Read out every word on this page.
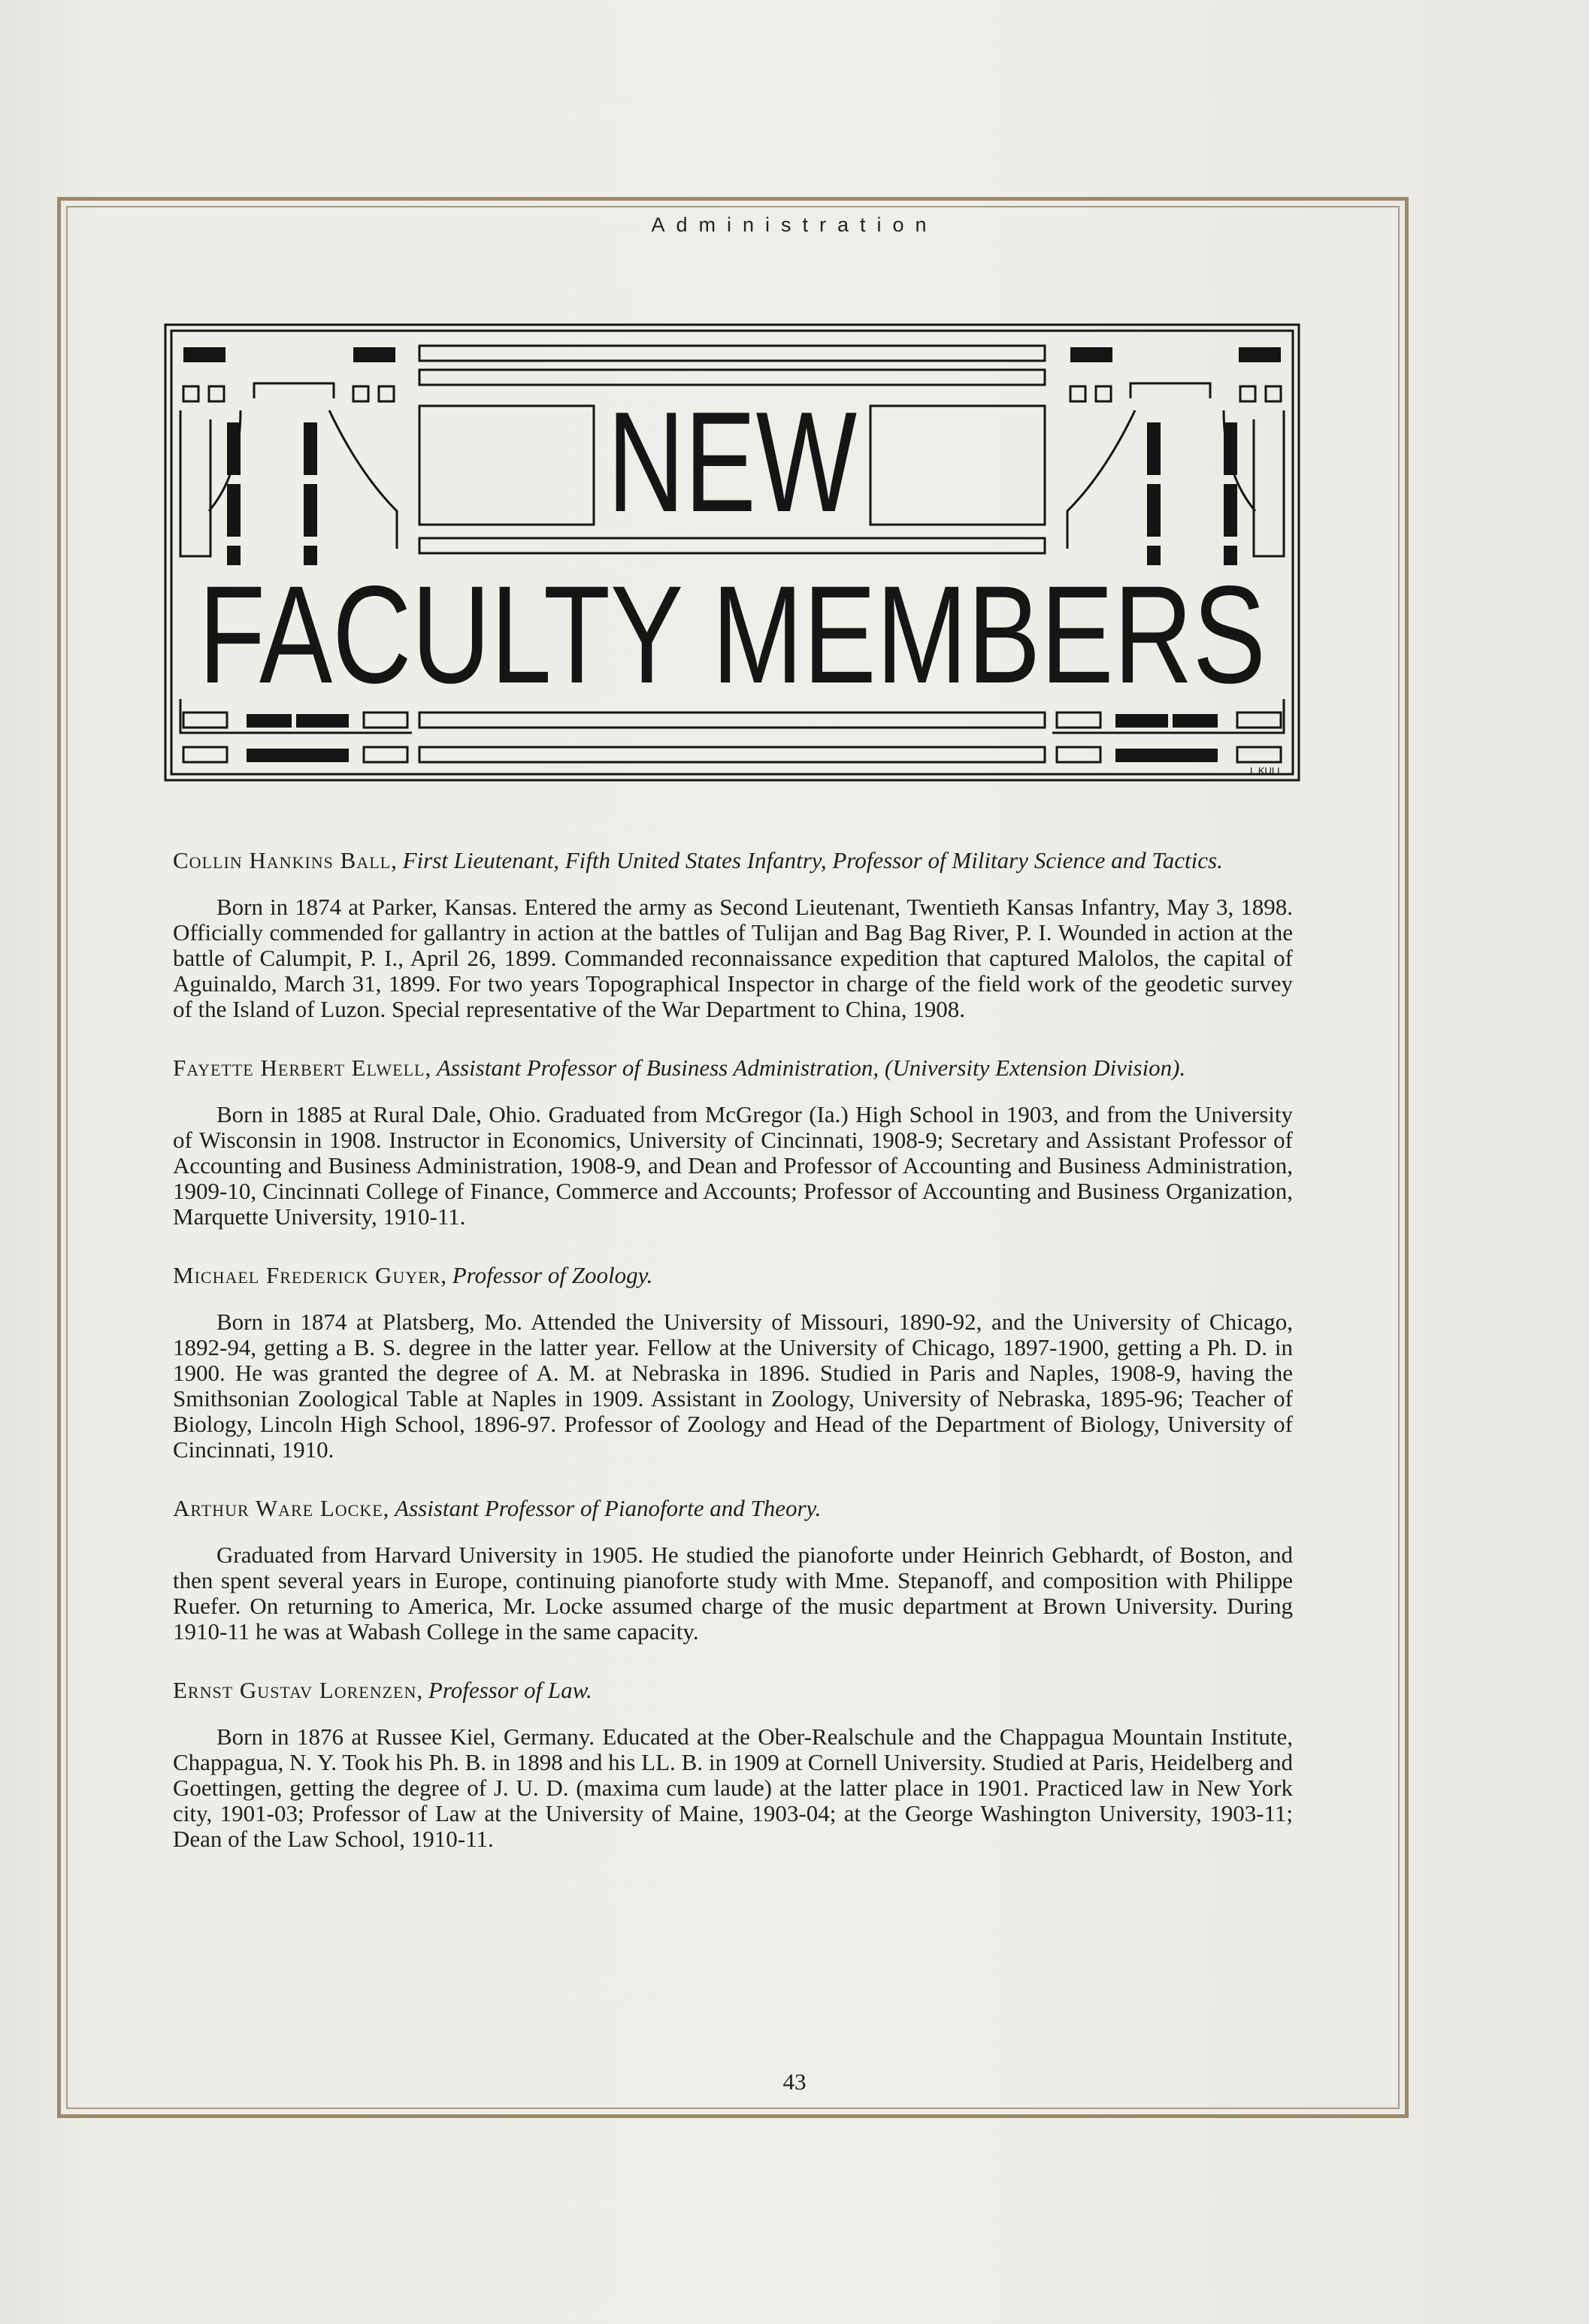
Administration
NEW
FACULTY MEMBERS
L.KULL.

Collin Hankins Ball, First Lieutenant, Fifth United States Infantry, Professor of Military Science and Tactics.

Born in 1874 at Parker, Kansas. Entered the army as Second Lieutenant, Twentieth Kansas Infantry, May 3, 1898. Officially commended for gallantry in action at the battles of Tulijan and Bag Bag River, P. I. Wounded in action at the battle of Calumpit, P. I., April 26, 1899. Commanded reconnaissance expedition that captured Malolos, the capital of Aguinaldo, March 31, 1899. For two years Topographical Inspector in charge of the field work of the geodetic survey of the Island of Luzon. Special representative of the War Department to China, 1908.

Fayette Herbert Elwell, Assistant Professor of Business Administration, (University Extension Division).

Born in 1885 at Rural Dale, Ohio. Graduated from McGregor (Ia.) High School in 1903, and from the University of Wisconsin in 1908. Instructor in Economics, University of Cincinnati, 1908-9; Secretary and Assistant Professor of Accounting and Business Administration, 1908-9, and Dean and Professor of Accounting and Business Administration, 1909-10, Cincinnati College of Finance, Commerce and Accounts; Professor of Accounting and Business Organization, Marquette University, 1910-11.

Michael Frederick Guyer, Professor of Zoology.

Born in 1874 at Platsberg, Mo. Attended the University of Missouri, 1890-92, and the University of Chicago, 1892-94, getting a B. S. degree in the latter year. Fellow at the University of Chicago, 1897-1900, getting a Ph. D. in 1900. He was granted the degree of A. M. at Nebraska in 1896. Studied in Paris and Naples, 1908-9, having the Smithsonian Zoological Table at Naples in 1909. Assistant in Zoology, University of Nebraska, 1895-96; Teacher of Biology, Lincoln High School, 1896-97. Professor of Zoology and Head of the Department of Biology, University of Cincinnati, 1910.

Arthur Ware Locke, Assistant Professor of Pianoforte and Theory.

Graduated from Harvard University in 1905. He studied the pianoforte under Heinrich Gebhardt, of Boston, and then spent several years in Europe, continuing pianoforte study with Mme. Stepanoff, and composition with Philippe Ruefer. On returning to America, Mr. Locke assumed charge of the music department at Brown University. During 1910-11 he was at Wabash College in the same capacity.

Ernst Gustav Lorenzen, Professor of Law.

Born in 1876 at Russee Kiel, Germany. Educated at the Ober-Realschule and the Chappagua Mountain Institute, Chappagua, N. Y. Took his Ph. B. in 1898 and his LL. B. in 1909 at Cornell University. Studied at Paris, Heidelberg and Goettingen, getting the degree of J. U. D. (maxima cum laude) at the latter place in 1901. Practiced law in New York city, 1901-03; Professor of Law at the University of Maine, 1903-04; at the George Washington University, 1903-11; Dean of the Law School, 1910-11.

43
